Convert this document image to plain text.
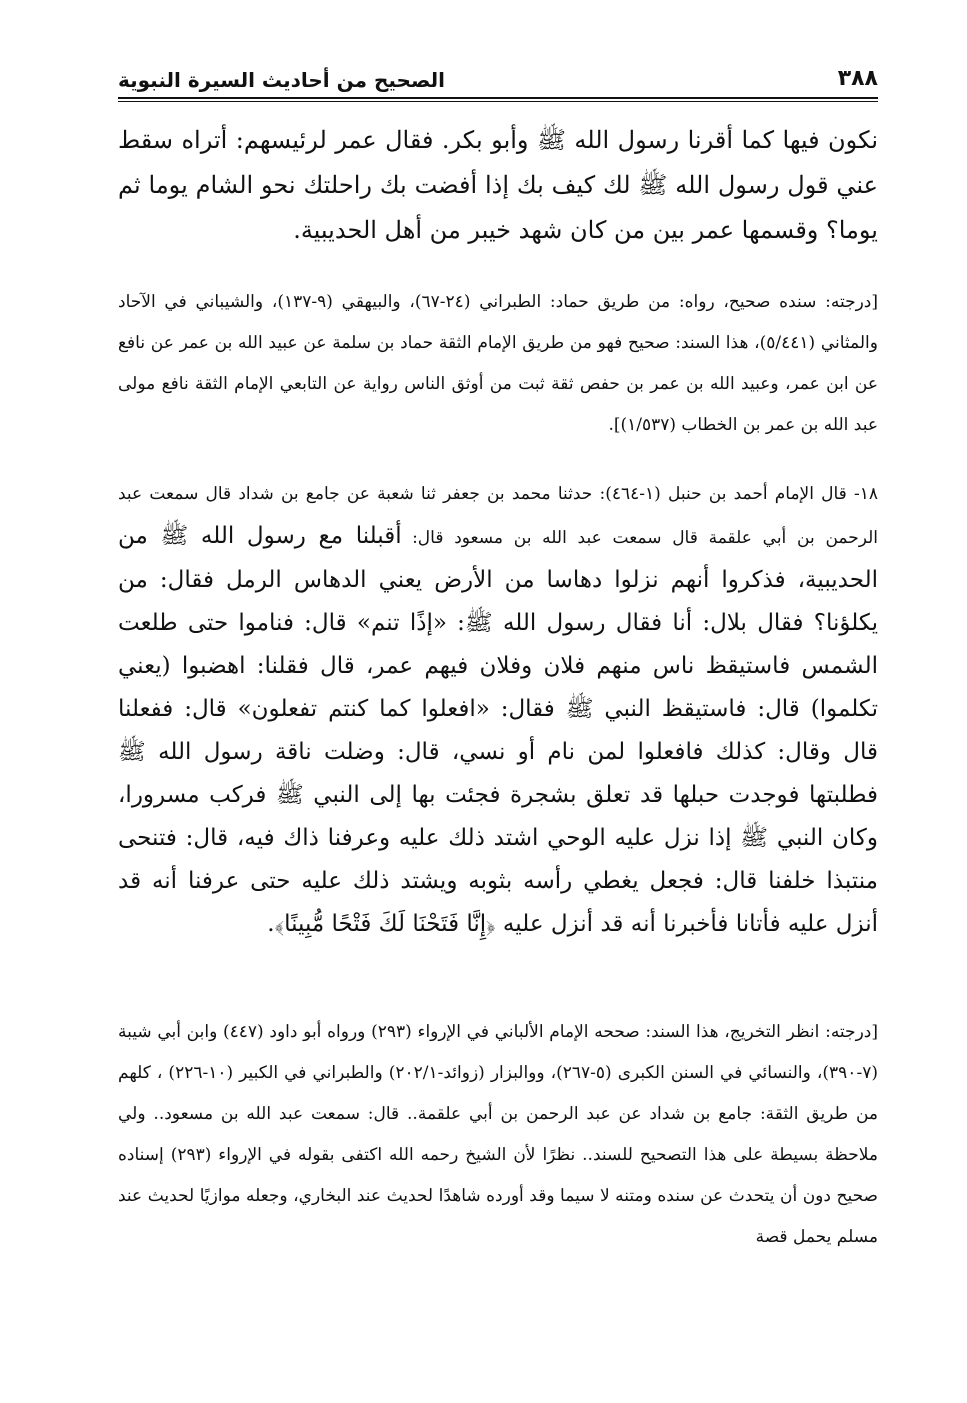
الصحيح من أحاديث السيرة النبوية	٣٨٨

نكون فيها كما أقرنا رسول الله ﷺ وأبو بكر. فقال عمر لرئيسهم: أتراه سقط عني قول رسول الله ﷺ لك كيف بك إذا أفضت بك راحلتك نحو الشام يوما ثم يوما؟ وقسمها عمر بين من كان شهد خيبر من أهل الحديبية.

[درجته: سنده صحيح، رواه: من طريق حماد: الطبراني (٢٤-٦٧)، والبيهقي (٩-١٣٧)، والشيباني في الآحاد والمثاني (٥/٤٤١)، هذا السند: صحيح فهو من طريق الإمام الثقة حماد بن سلمة عن عبيد الله بن عمر عن نافع عن ابن عمر، وعبيد الله بن عمر بن حفص ثقة ثبت من أوثق الناس رواية عن التابعي الإمام الثقة نافع مولى عبد الله بن عمر بن الخطاب (١/٥٣٧)].

١٨- قال الإمام أحمد بن حنبل (١-٤٦٤): حدثنا محمد بن جعفر ثنا شعبة عن جامع بن شداد قال سمعت عبد الرحمن بن أبي علقمة قال سمعت عبد الله بن مسعود قال: أقبلنا مع رسول الله ﷺ من الحديبية، فذكروا أنهم نزلوا دهاسا من الأرض يعني الدهاس الرمل فقال: من يكلؤنا؟ فقال بلال: أنا فقال رسول الله ﷺ: «إذًا تنم» قال: فناموا حتى طلعت الشمس فاستيقظ ناس منهم فلان وفلان فيهم عمر، قال فقلنا: اهضبوا (يعني تكلموا) قال: فاستيقظ النبي ﷺ فقال: «افعلوا كما كنتم تفعلون» قال: ففعلنا قال وقال: كذلك فافعلوا لمن نام أو نسي، قال: وضلت ناقة رسول الله ﷺ فطلبتها فوجدت حبلها قد تعلق بشجرة فجئت بها إلى النبي ﷺ فركب مسرورا، وكان النبي ﷺ إذا نزل عليه الوحي اشتد ذلك عليه وعرفنا ذاك فيه، قال: فتنحى منتبذا خلفنا قال: فجعل يغطي رأسه بثوبه ويشتد ذلك عليه حتى عرفنا أنه قد أنزل عليه فأتانا فأخبرنا أنه قد أنزل عليه ﴿إِنَّا فَتَحْنَا لَكَ فَتْحًا مُّبِينًا﴾.

[درجته: انظر التخريج، هذا السند: صححه الإمام الألباني في الإرواء (٢٩٣) ورواه أبو داود (٤٤٧) وابن أبي شيبة (٧-٣٩٠)، والنسائي في السنن الكبرى (٥-٢٦٧)، ووالبزار (زوائد-٢٠٢/١) والطبراني في الكبير (١٠-٢٢٦) ، كلهم من طريق الثقة: جامع بن شداد عن عبد الرحمن بن أبي علقمة.. قال: سمعت عبد الله بن مسعود.. ولي ملاحظة بسيطة على هذا التصحيح للسند.. نظرًا لأن الشيخ رحمه الله اكتفى بقوله في الإرواء (٢٩٣) إسناده صحيح دون أن يتحدث عن سنده ومتنه لا سيما وقد أورده شاهدًا لحديث عند البخاري، وجعله موازيًا لحديث عند مسلم يحمل قصة
